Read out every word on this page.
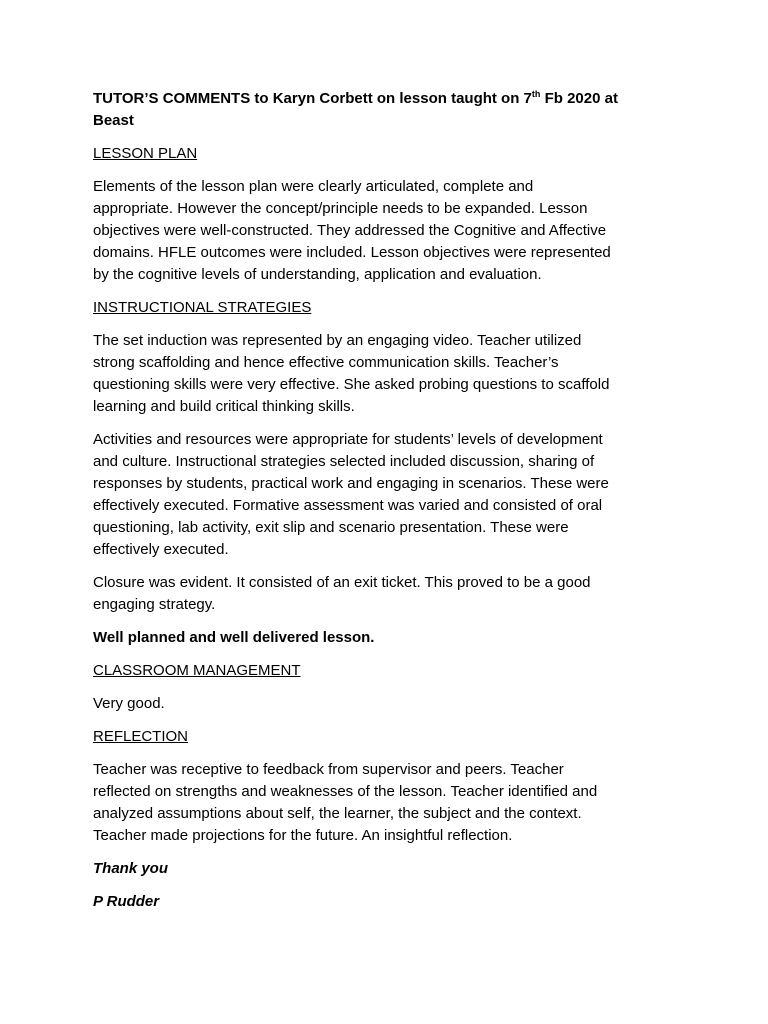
TUTOR’S COMMENTS to Karyn Corbett on lesson taught on 7th Fb 2020 at
Beast

LESSON PLAN

Elements of the lesson plan were clearly articulated, complete and
appropriate. However the concept/principle needs to be expanded. Lesson
objectives were well-constructed. They addressed the Cognitive and Affective
domains. HFLE outcomes were included. Lesson objectives were represented
by the cognitive levels of understanding, application and evaluation.

INSTRUCTIONAL STRATEGIES

The set induction was represented by an engaging video. Teacher utilized
strong scaffolding and hence effective communication skills. Teacher’s
questioning skills were very effective. She asked probing questions to scaffold
learning and build critical thinking skills.

Activities and resources were appropriate for students’ levels of development
and culture. Instructional strategies selected included discussion, sharing of
responses by students, practical work and engaging in scenarios. These were
effectively executed. Formative assessment was varied and consisted of oral
questioning, lab activity, exit slip and scenario presentation. These were
effectively executed.

Closure was evident. It consisted of an exit ticket. This proved to be a good
engaging strategy.

Well planned and well delivered lesson.

CLASSROOM MANAGEMENT

Very good.

REFLECTION

Teacher was receptive to feedback from supervisor and peers. Teacher
reflected on strengths and weaknesses of the lesson. Teacher identified and
analyzed assumptions about self, the learner, the subject and the context.
Teacher made projections for the future. An insightful reflection.

Thank you

P Rudder
